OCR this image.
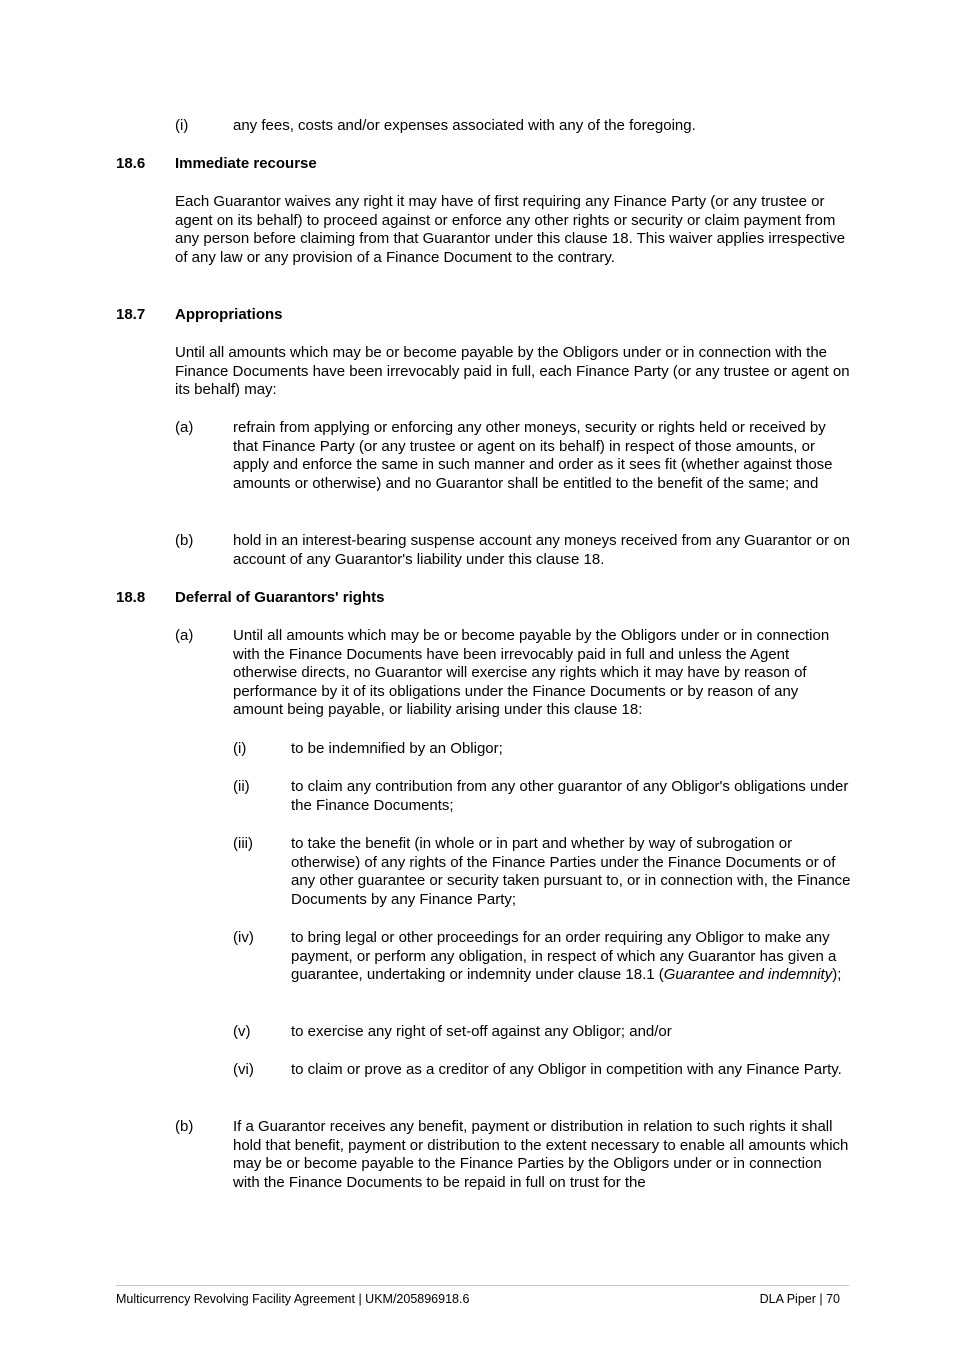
(i)	any fees, costs and/or expenses associated with any of the foregoing.

18.6 Immediate recourse

Each Guarantor waives any right it may have of first requiring any Finance Party (or any trustee or agent on its behalf) to proceed against or enforce any other rights or security or claim payment from any person before claiming from that Guarantor under this clause 18. This waiver applies irrespective of any law or any provision of a Finance Document to the contrary.

18.7 Appropriations

Until all amounts which may be or become payable by the Obligors under or in connection with the Finance Documents have been irrevocably paid in full, each Finance Party (or any trustee or agent on its behalf) may:

(a)	refrain from applying or enforcing any other moneys, security or rights held or received by that Finance Party (or any trustee or agent on its behalf) in respect of those amounts, or apply and enforce the same in such manner and order as it sees fit (whether against those amounts or otherwise) and no Guarantor shall be entitled to the benefit of the same; and

(b)	hold in an interest-bearing suspense account any moneys received from any Guarantor or on account of any Guarantor's liability under this clause 18.

18.8 Deferral of Guarantors' rights
(a)	Until all amounts which may be or become payable by the Obligors under or in connection with the Finance Documents have been irrevocably paid in full and unless the Agent otherwise directs, no Guarantor will exercise any rights which it may have by reason of performance by it of its obligations under the Finance Documents or by reason of any amount being payable, or liability arising under this clause 18:

(i)	to be indemnified by an Obligor;

(ii)	to claim any contribution from any other guarantor of any Obligor's obligations under the Finance Documents;

(iii)	to take the benefit (in whole or in part and whether by way of subrogation or otherwise) of any rights of the Finance Parties under the Finance Documents or of any other guarantee or security taken pursuant to, or in connection with, the Finance Documents by any Finance Party;

(iv) to bring legal or other proceedings for an order requiring any Obligor to make any payment, or perform any obligation, in respect of which any Guarantor has given a guarantee, undertaking or indemnity under clause 18.1 (Guarantee and indemnity);

(v)	to exercise any right of set-off against any Obligor; and/or

(vi) to claim or prove as a creditor of any Obligor in competition with any Finance Party.

(b)	If a Guarantor receives any benefit, payment or distribution in relation to such rights it shall hold that benefit, payment or distribution to the extent necessary to enable all amounts which may be or become payable to the Finance Parties by the Obligors under or in connection with the Finance Documents to be repaid in full on trust for the

Multicurrency Revolving Facility Agreement | UKM/205896918.6	DLA Piper | 70
